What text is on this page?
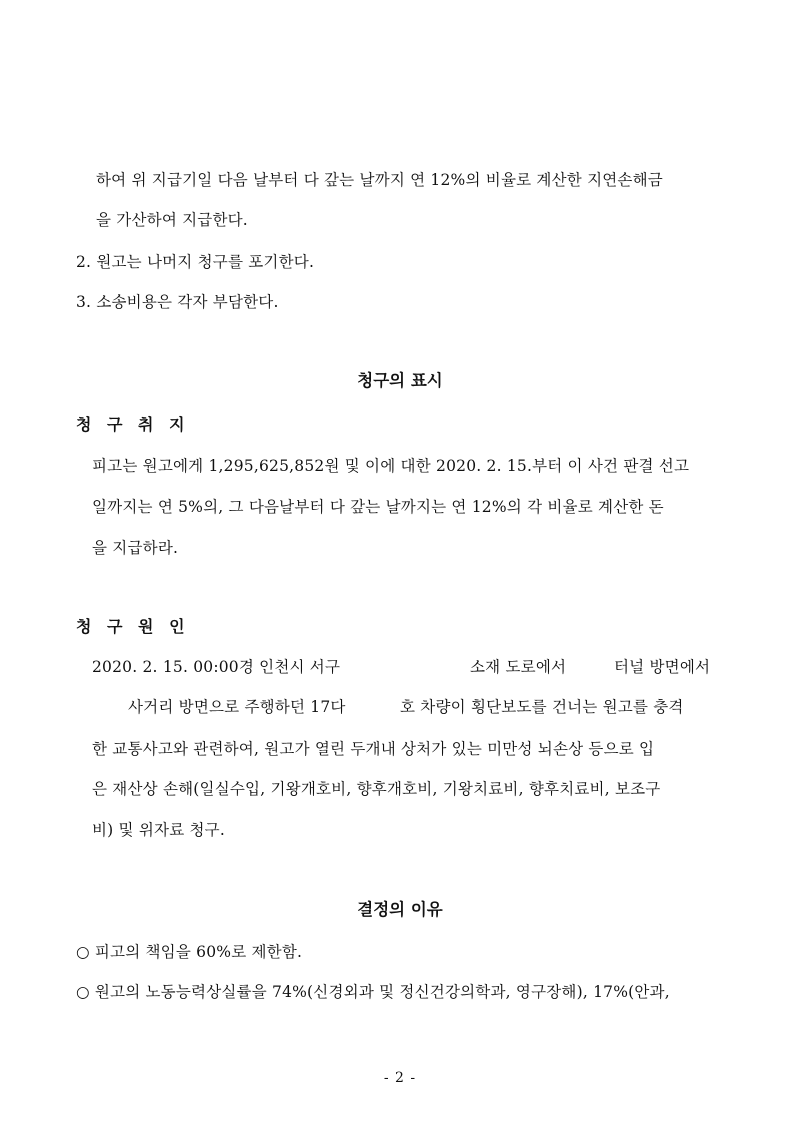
하여 위 지급기일 다음 날부터 다 갚는 날까지 연 12%의 비율로 계산한 지연손해금
을 가산하여 지급한다.
2. 원고는 나머지 청구를 포기한다.
3. 소송비용은 각자 부담한다.
청구의 표시
청 구 취 지
피고는 원고에게 1,295,625,852원 및 이에 대한 2020. 2. 15.부터 이 사건 판결 선고
일까지는 연 5%의, 그 다음날부터 다 갚는 날까지는 연 12%의 각 비율로 계산한 돈
을 지급하라.
청 구 원 인
2020. 2. 15. 00:00경 인천시 서구	소재 도로에서	터널 방면에서
사거리 방면으로 주행하던 17다	호 차량이 횡단보도를 건너는 원고를 충격
한 교통사고와 관련하여, 원고가 열린 두개내 상처가 있는 미만성 뇌손상 등으로 입
은 재산상 손해(일실수입, 기왕개호비, 향후개호비, 기왕치료비, 향후치료비, 보조구
비) 및 위자료 청구.
결정의 이유
○ 피고의 책임을 60%로 제한함.
○ 원고의 노동능력상실률을 74%(신경외과 및 정신건강의학과, 영구장해), 17%(안과,
- 2 -
